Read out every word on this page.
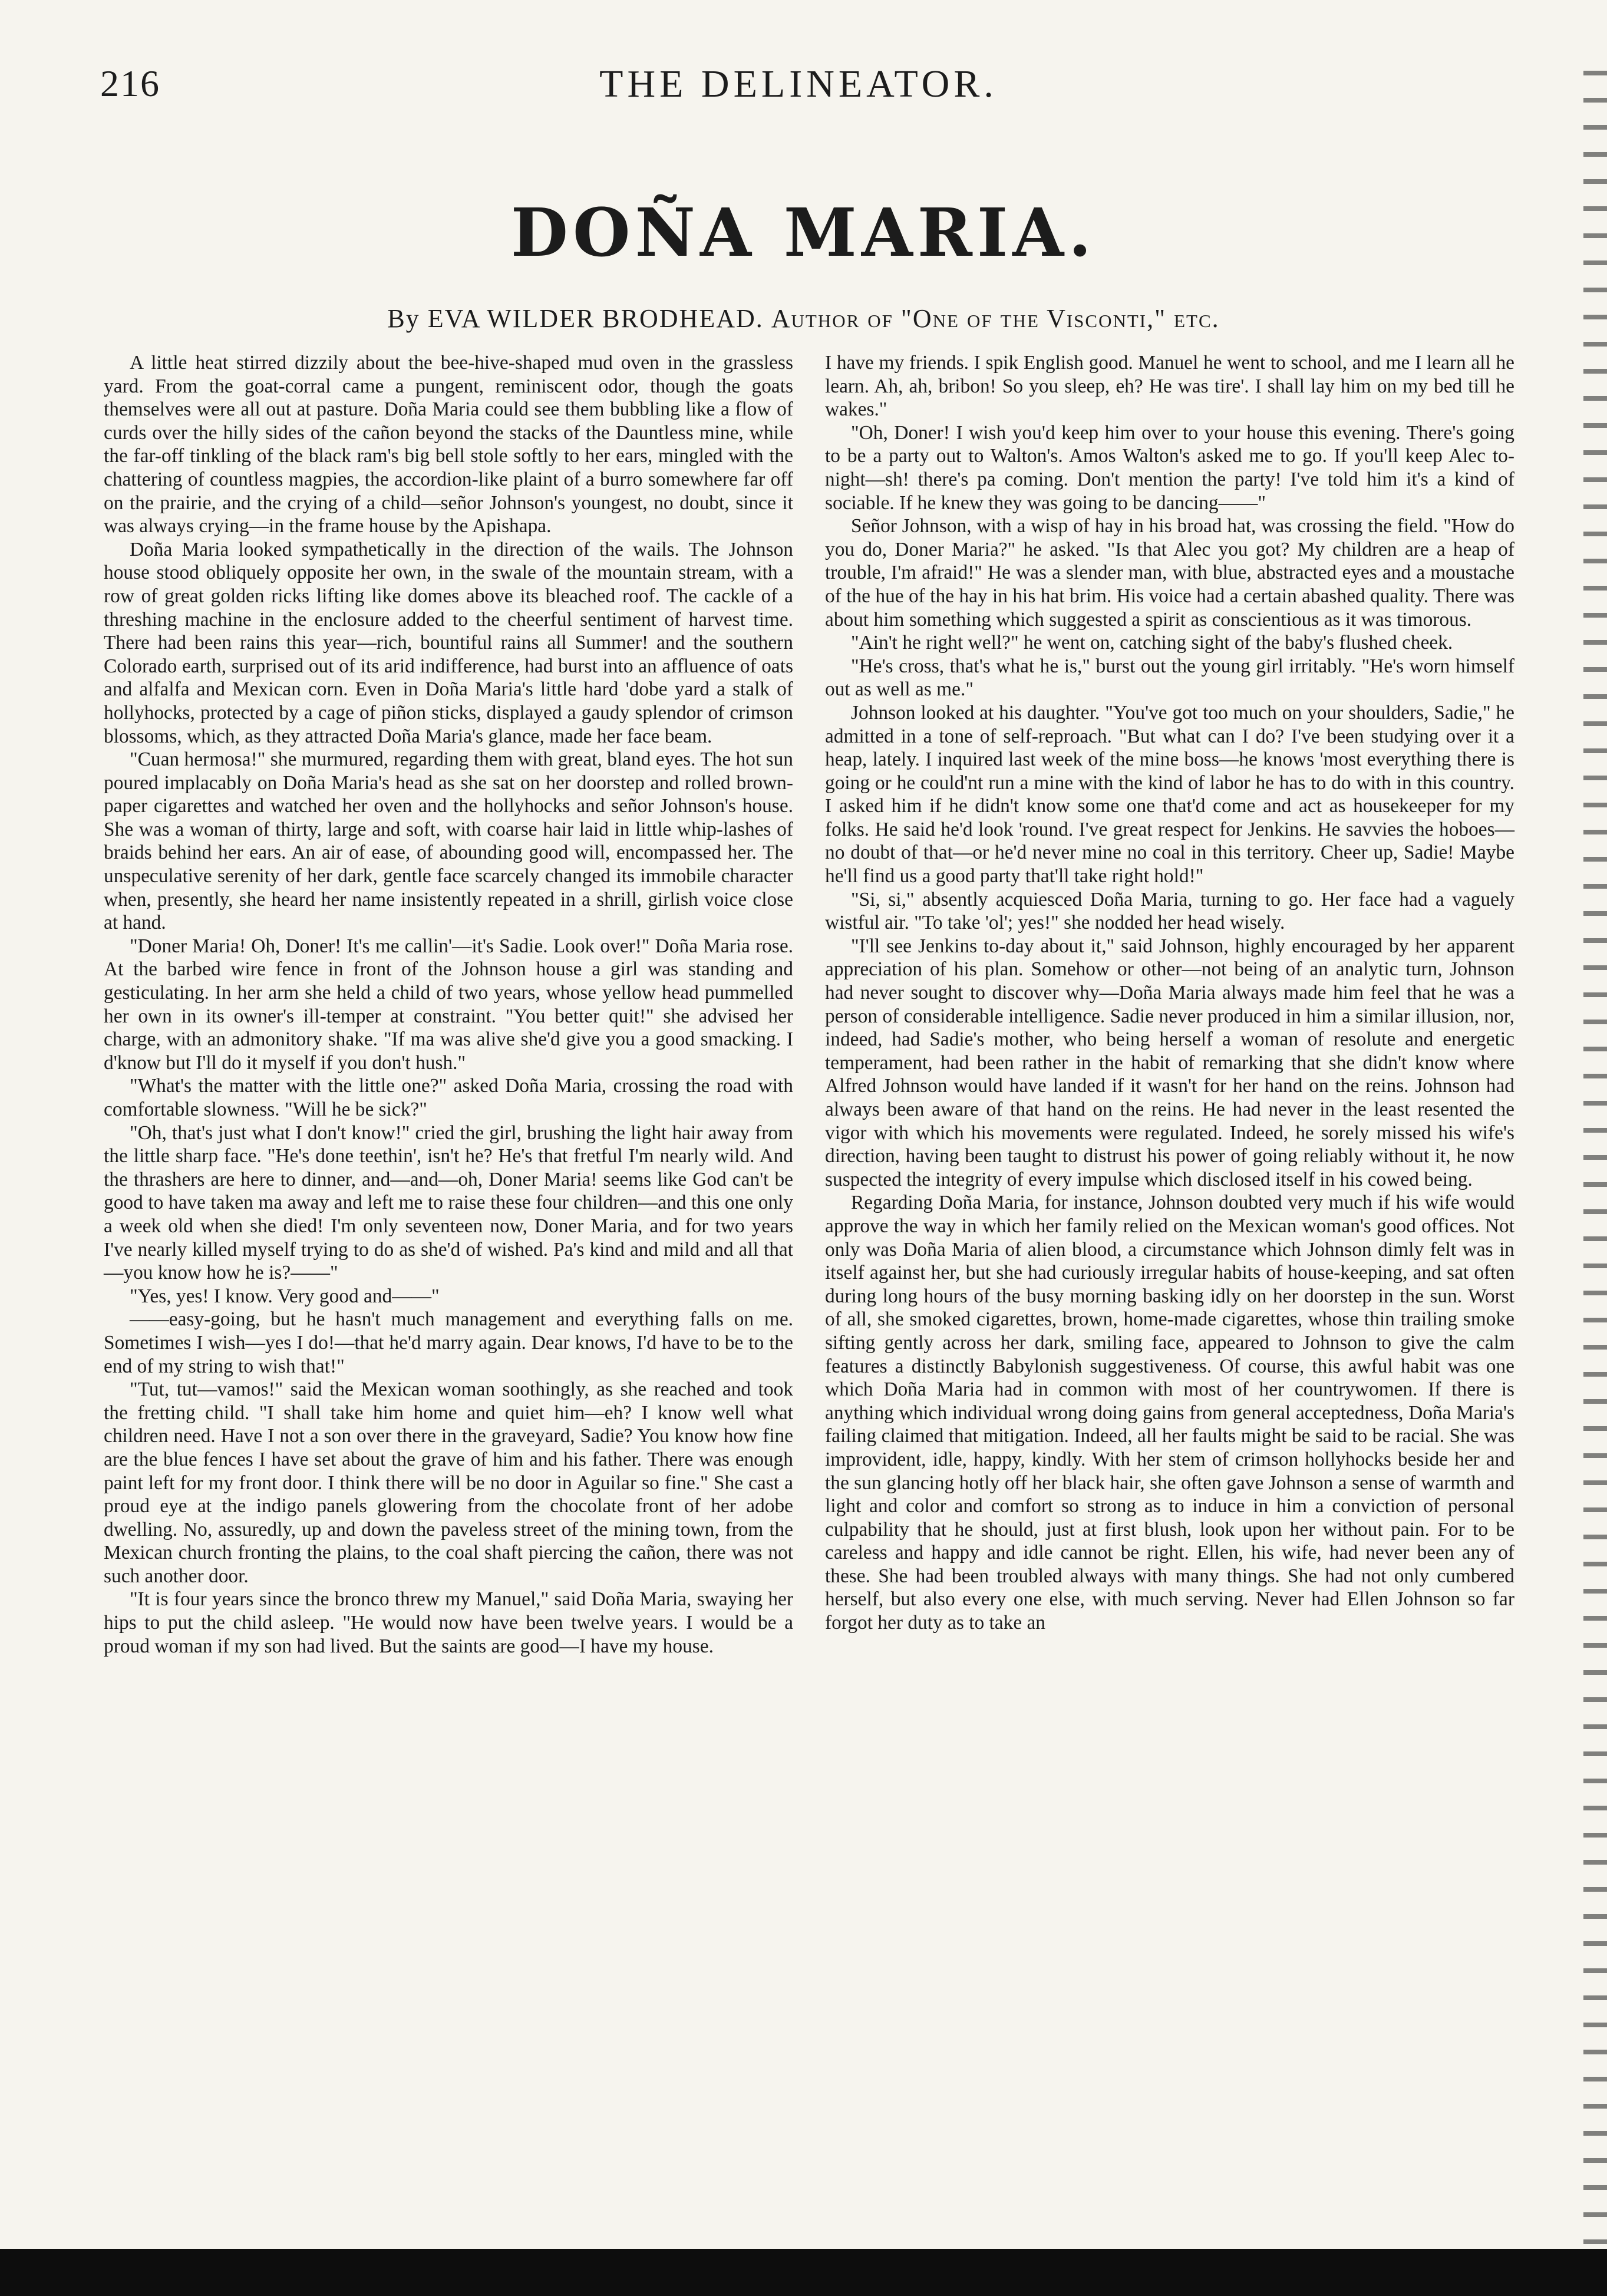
216	THE DELINEATOR.
DOÑA MARIA.
By EVA WILDER BRODHEAD. Author of "One of the Visconti," etc.

A little heat stirred dizzily about the bee-hive-shaped mud oven in the grassless yard. From the goat-corral came a pungent, reminiscent odor, though the goats themselves were all out at pasture. Doña Maria could see them bubbling like a flow of curds over the hilly sides of the cañon beyond the stacks of the Dauntless mine, while the far-off tinkling of the black ram's big bell stole softly to her ears, mingled with the chattering of countless magpies, the accordion-like plaint of a burro somewhere far off on the prairie, and the crying of a child—señor Johnson's youngest, no doubt, since it was always crying—in the frame house by the Apishapa.

Doña Maria looked sympathetically in the direction of the wails. The Johnson house stood obliquely opposite her own, in the swale of the mountain stream, with a row of great golden ricks lifting like domes above its bleached roof. The cackle of a threshing machine in the enclosure added to the cheerful sentiment of harvest time. There had been rains this year—rich, bountiful rains all Summer! and the southern Colorado earth, surprised out of its arid indifference, had burst into an affluence of oats and alfalfa and Mexican corn. Even in Doña Maria's little hard 'dobe yard a stalk of hollyhocks, protected by a cage of piñon sticks, displayed a gaudy splendor of crimson blossoms, which, as they attracted Doña Maria's glance, made her face beam.

"Cuan hermosa!" she murmured, regarding them with great, bland eyes. The hot sun poured implacably on Doña Maria's head as she sat on her doorstep and rolled brown-paper cigarettes and watched her oven and the hollyhocks and señor Johnson's house. She was a woman of thirty, large and soft, with coarse hair laid in little whip-lashes of braids behind her ears. An air of ease, of abounding good will, encompassed her. The unspeculative serenity of her dark, gentle face scarcely changed its immobile character when, presently, she heard her name insistently repeated in a shrill, girlish voice close at hand.

"Doner Maria! Oh, Doner! It's me callin'—it's Sadie. Look over!" Doña Maria rose. At the barbed wire fence in front of the Johnson house a girl was standing and gesticulating. In her arm she held a child of two years, whose yellow head pummelled her own in its owner's ill-temper at constraint. "You better quit!" she advised her charge, with an admonitory shake. "If ma was alive she'd give you a good smacking. I d'know but I'll do it myself if you don't hush."

"What's the matter with the little one?" asked Doña Maria, crossing the road with comfortable slowness. "Will he be sick?"

"Oh, that's just what I don't know!" cried the girl, brushing the light hair away from the little sharp face. "He's done teethin', isn't he? He's that fretful I'm nearly wild. And the thrashers are here to dinner, and—and—oh, Doner Maria! seems like God can't be good to have taken ma away and left me to raise these four children—and this one only a week old when she died! I'm only seventeen now, Doner Maria, and for two years I've nearly killed myself trying to do as she'd of wished. Pa's kind and mild and all that—you know how he is?——"

"Yes, yes! I know. Very good and——"

——easy-going, but he hasn't much management and everything falls on me. Sometimes I wish—yes I do!—that he'd marry again. Dear knows, I'd have to be to the end of my string to wish that!"

"Tut, tut—vamos!" said the Mexican woman soothingly, as she reached and took the fretting child. "I shall take him home and quiet him—eh? I know well what children need. Have I not a son over there in the graveyard, Sadie? You know how fine are the blue fences I have set about the grave of him and his father. There was enough paint left for my front door. I think there will be no door in Aguilar so fine." She cast a proud eye at the indigo panels glowering from the chocolate front of her adobe dwelling. No, assuredly, up and down the paveless street of the mining town, from the Mexican church fronting the plains, to the coal shaft piercing the cañon, there was not such another door.

"It is four years since the bronco threw my Manuel," said Doña Maria, swaying her hips to put the child asleep. "He would now have been twelve years. I would be a proud woman if my son had lived. But the saints are good—I have my house.

I have my friends. I spik English good. Manuel he went to school, and me I learn all he learn. Ah, ah, bribon! So you sleep, eh? He was tire'. I shall lay him on my bed till he wakes."

"Oh, Doner! I wish you'd keep him over to your house this evening. There's going to be a party out to Walton's. Amos Walton's asked me to go. If you'll keep Alec to-night—sh! there's pa coming. Don't mention the party! I've told him it's a kind of sociable. If he knew they was going to be dancing——"

Señor Johnson, with a wisp of hay in his broad hat, was crossing the field. "How do you do, Doner Maria?" he asked. "Is that Alec you got? My children are a heap of trouble, I'm afraid!" He was a slender man, with blue, abstracted eyes and a moustache of the hue of the hay in his hat brim. His voice had a certain abashed quality. There was about him something which suggested a spirit as conscientious as it was timorous.

"Ain't he right well?" he went on, catching sight of the baby's flushed cheek.

"He's cross, that's what he is," burst out the young girl irritably. "He's worn himself out as well as me."

Johnson looked at his daughter. "You've got too much on your shoulders, Sadie," he admitted in a tone of self-reproach. "But what can I do? I've been studying over it a heap, lately. I inquired last week of the mine boss—he knows 'most everything there is going or he could'nt run a mine with the kind of labor he has to do with in this country. I asked him if he didn't know some one that'd come and act as housekeeper for my folks. He said he'd look 'round. I've great respect for Jenkins. He savvies the hoboes—no doubt of that—or he'd never mine no coal in this territory. Cheer up, Sadie! Maybe he'll find us a good party that'll take right hold!"

"Si, si," absently acquiesced Doña Maria, turning to go. Her face had a vaguely wistful air. "To take 'ol'; yes!" she nodded her head wisely.

"I'll see Jenkins to-day about it," said Johnson, highly encouraged by her apparent appreciation of his plan. Somehow or other—not being of an analytic turn, Johnson had never sought to discover why—Doña Maria always made him feel that he was a person of considerable intelligence. Sadie never produced in him a similar illusion, nor, indeed, had Sadie's mother, who being herself a woman of resolute and energetic temperament, had been rather in the habit of remarking that she didn't know where Alfred Johnson would have landed if it wasn't for her hand on the reins. Johnson had always been aware of that hand on the reins. He had never in the least resented the vigor with which his movements were regulated. Indeed, he sorely missed his wife's direction, having been taught to distrust his power of going reliably without it, he now suspected the integrity of every impulse which disclosed itself in his cowed being.

Regarding Doña Maria, for instance, Johnson doubted very much if his wife would approve the way in which her family relied on the Mexican woman's good offices. Not only was Doña Maria of alien blood, a circumstance which Johnson dimly felt was in itself against her, but she had curiously irregular habits of house-keeping, and sat often during long hours of the busy morning basking idly on her doorstep in the sun. Worst of all, she smoked cigarettes, brown, home-made cigarettes, whose thin trailing smoke sifting gently across her dark, smiling face, appeared to Johnson to give the calm features a distinctly Babylonish suggestiveness. Of course, this awful habit was one which Doña Maria had in common with most of her countrywomen. If there is anything which individual wrong doing gains from general acceptedness, Doña Maria's failing claimed that mitigation. Indeed, all her faults might be said to be racial. She was improvident, idle, happy, kindly. With her stem of crimson hollyhocks beside her and the sun glancing hotly off her black hair, she often gave Johnson a sense of warmth and light and color and comfort so strong as to induce in him a conviction of personal culpability that he should, just at first blush, look upon her without pain. For to be careless and happy and idle cannot be right. Ellen, his wife, had never been any of these. She had been troubled always with many things. She had not only cumbered herself, but also every one else, with much serving. Never had Ellen Johnson so far forgot her duty as to take an
